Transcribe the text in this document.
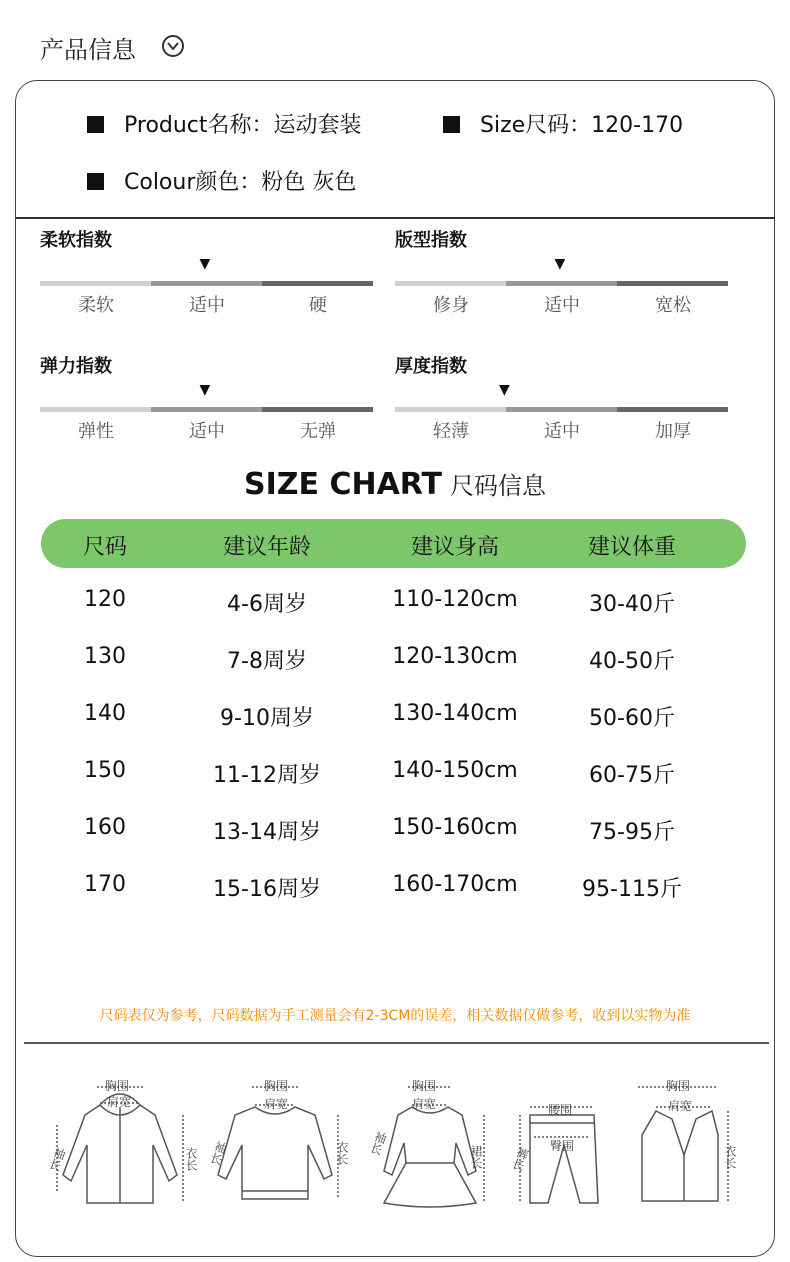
产品信息
Product名称：运动套装	Size尺码：120-170
Colour颜色：粉色 灰色
柔软指数
▼
柔软	适中	硬
版型指数
▼
修身	适中	宽松
弹力指数
▼
弹性	适中	无弹
厚度指数
▼
轻薄	适中	加厚
SIZE CHART 尺码信息
尺码	建议年龄	建议身高	建议体重
120	4-6周岁	110-120cm	30-40斤
130	7-8周岁	120-130cm	40-50斤
140	9-10周岁	130-140cm	50-60斤
150	11-12周岁	140-150cm	60-75斤
160	13-14周岁	150-160cm	75-95斤
170	15-16周岁	160-170cm	95-115斤
尺码表仅为参考，尺码数据为手工测量会有2-3CM的误差，相关数据仅做参考，收到以实物为准
胸围
肩宽
袖长	衣长
胸围
肩宽
袖长	衣长
胸围
肩宽
袖长
裙长
腰围
臀围
裤长
胸围
肩宽
衣长
